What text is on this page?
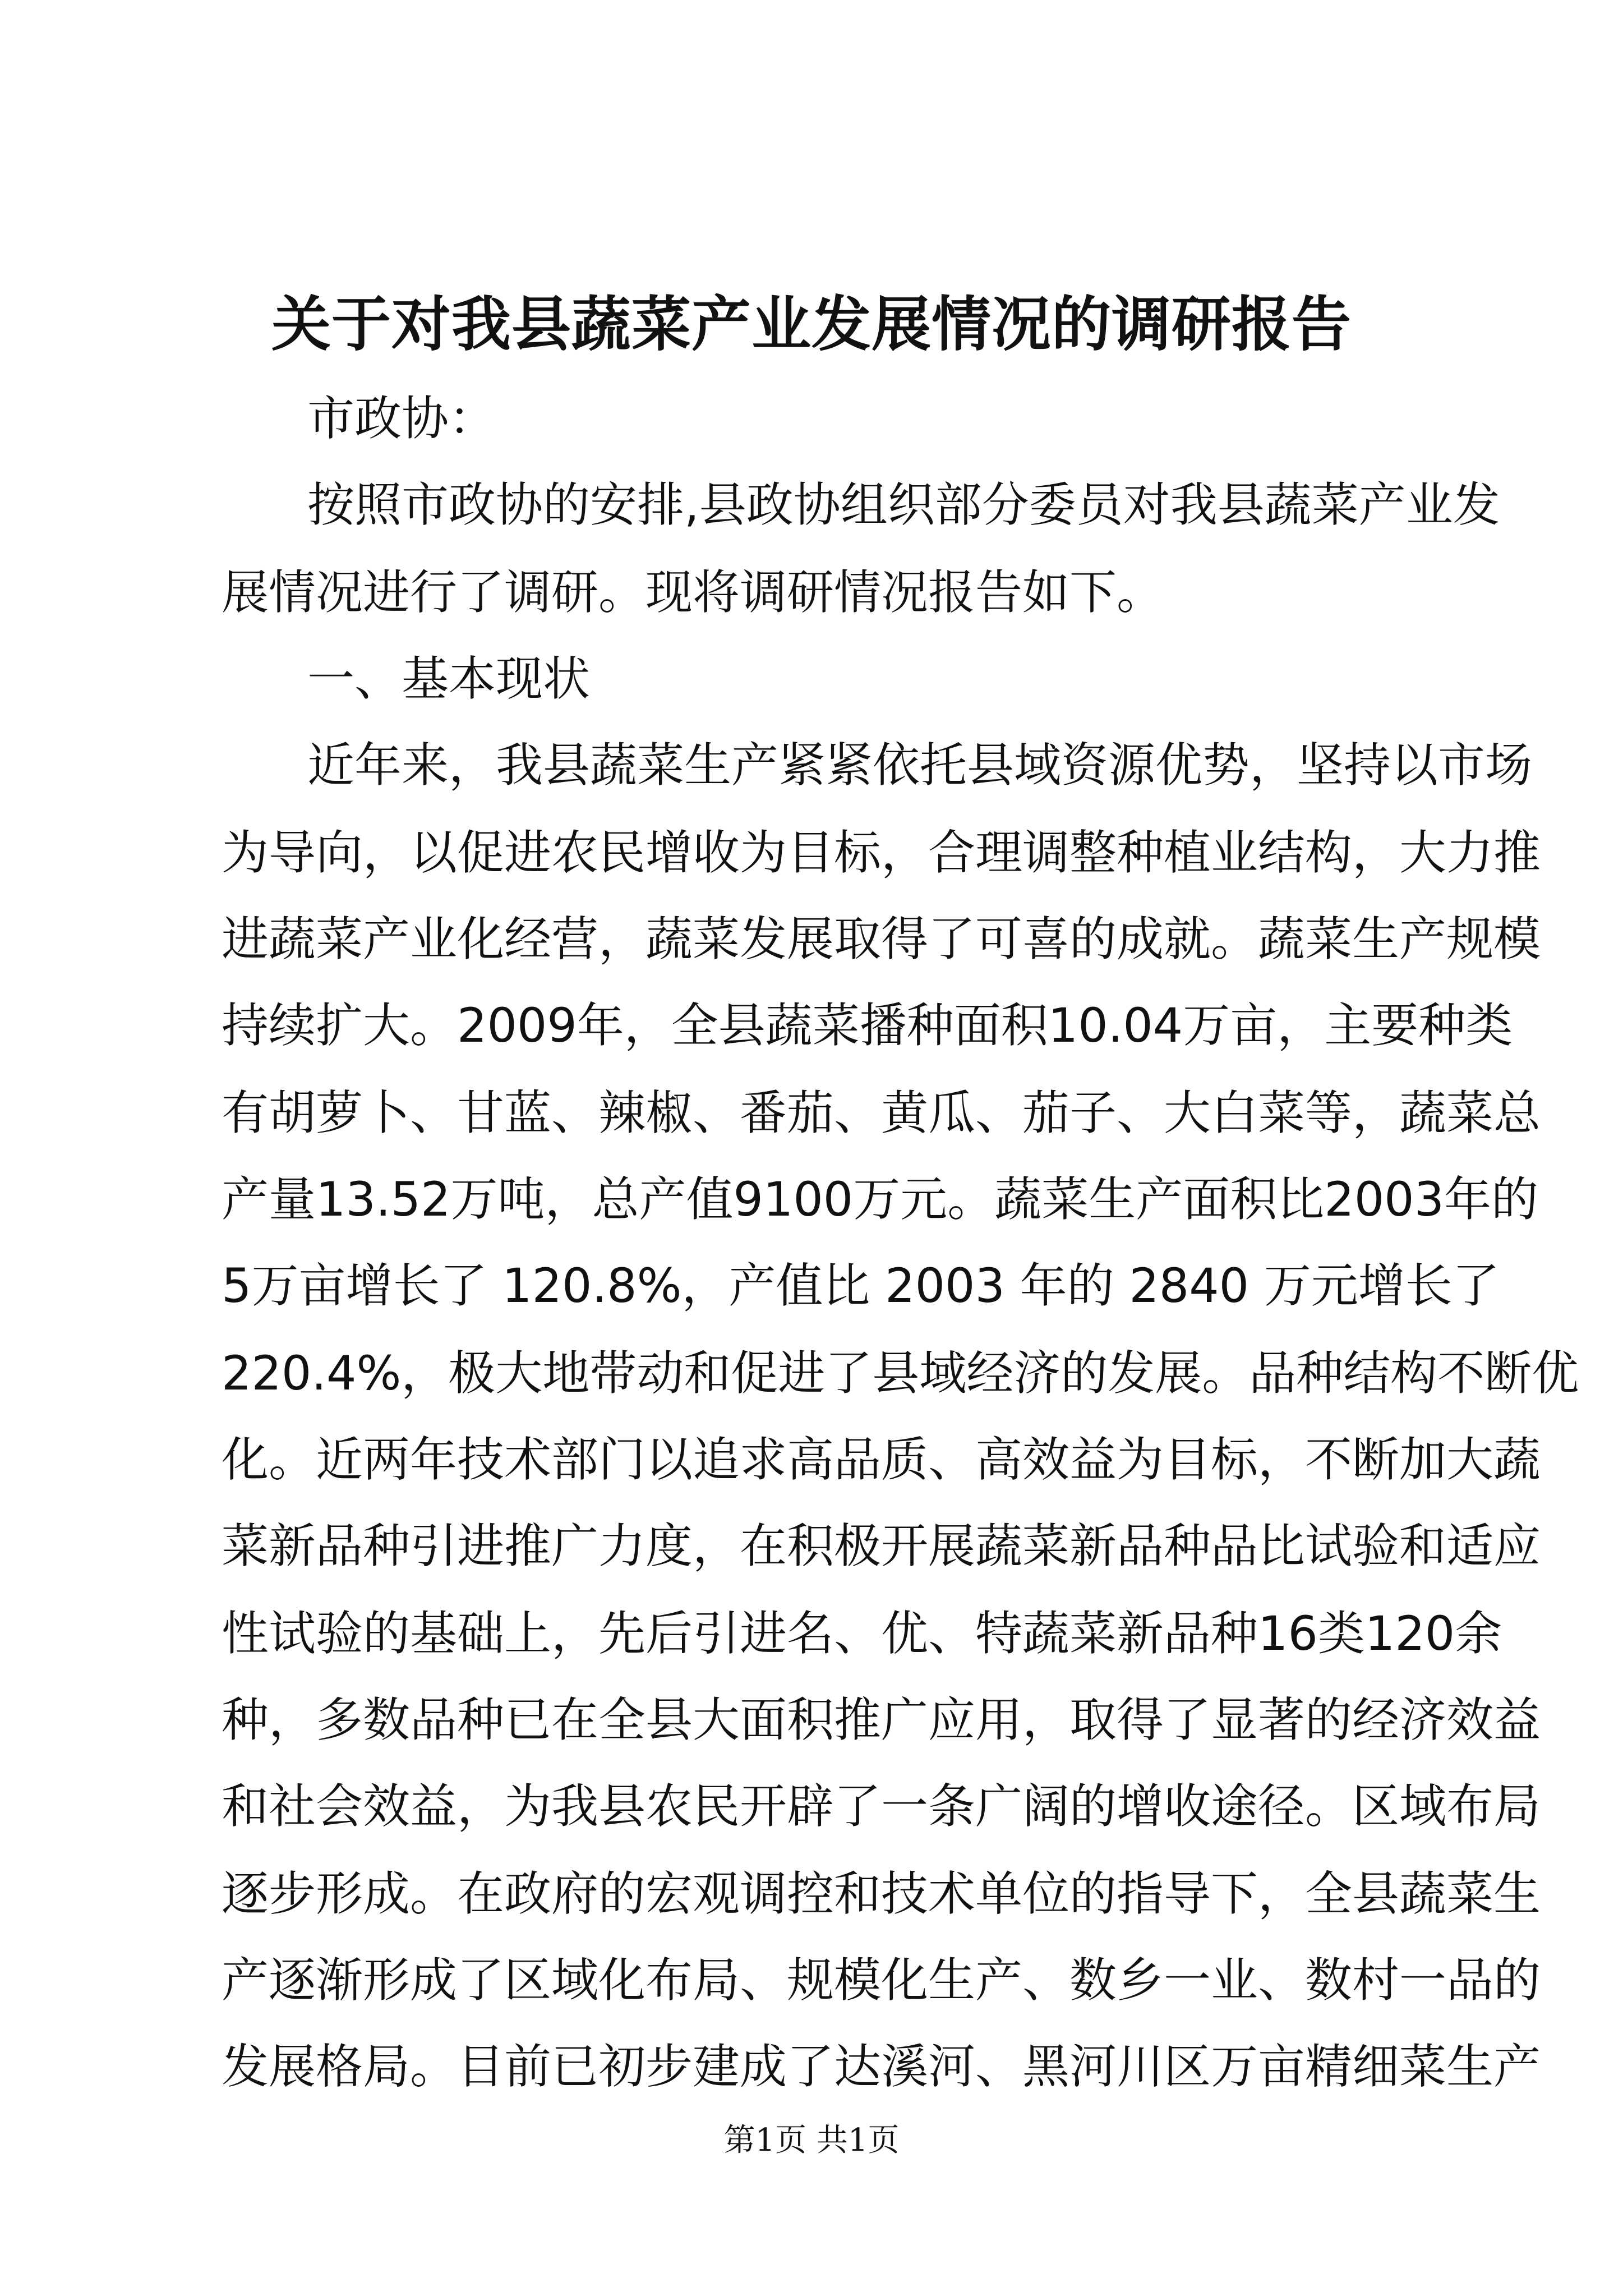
关于对我县蔬菜产业发展情况的调研报告
市政协：
按照市政协的安排,县政协组织部分委员对我县蔬菜产业发
展情况进行了调研。现将调研情况报告如下。
一、基本现状
近年来，我县蔬菜生产紧紧依托县域资源优势，坚持以市场
为导向，以促进农民增收为目标，合理调整种植业结构，大力推
进蔬菜产业化经营，蔬菜发展取得了可喜的成就。蔬菜生产规模
持续扩大。2009年，全县蔬菜播种面积10.04万亩，主要种类
有胡萝卜、甘蓝、辣椒、番茄、黄瓜、茄子、大白菜等，蔬菜总
产量13.52万吨，总产值9100万元。蔬菜生产面积比2003年的
5万亩增长了 120.8%，产值比 2003 年的 2840 万元增长了
220.4%，极大地带动和促进了县域经济的发展。品种结构不断优
化。近两年技术部门以追求高品质、高效益为目标，不断加大蔬
菜新品种引进推广力度，在积极开展蔬菜新品种品比试验和适应
性试验的基础上，先后引进名、优、特蔬菜新品种16类120余
种，多数品种已在全县大面积推广应用，取得了显著的经济效益
和社会效益，为我县农民开辟了一条广阔的增收途径。区域布局
逐步形成。在政府的宏观调控和技术单位的指导下，全县蔬菜生
产逐渐形成了区域化布局、规模化生产、数乡一业、数村一品的
发展格局。目前已初步建成了达溪河、黑河川区万亩精细菜生产
第1页 共1页
